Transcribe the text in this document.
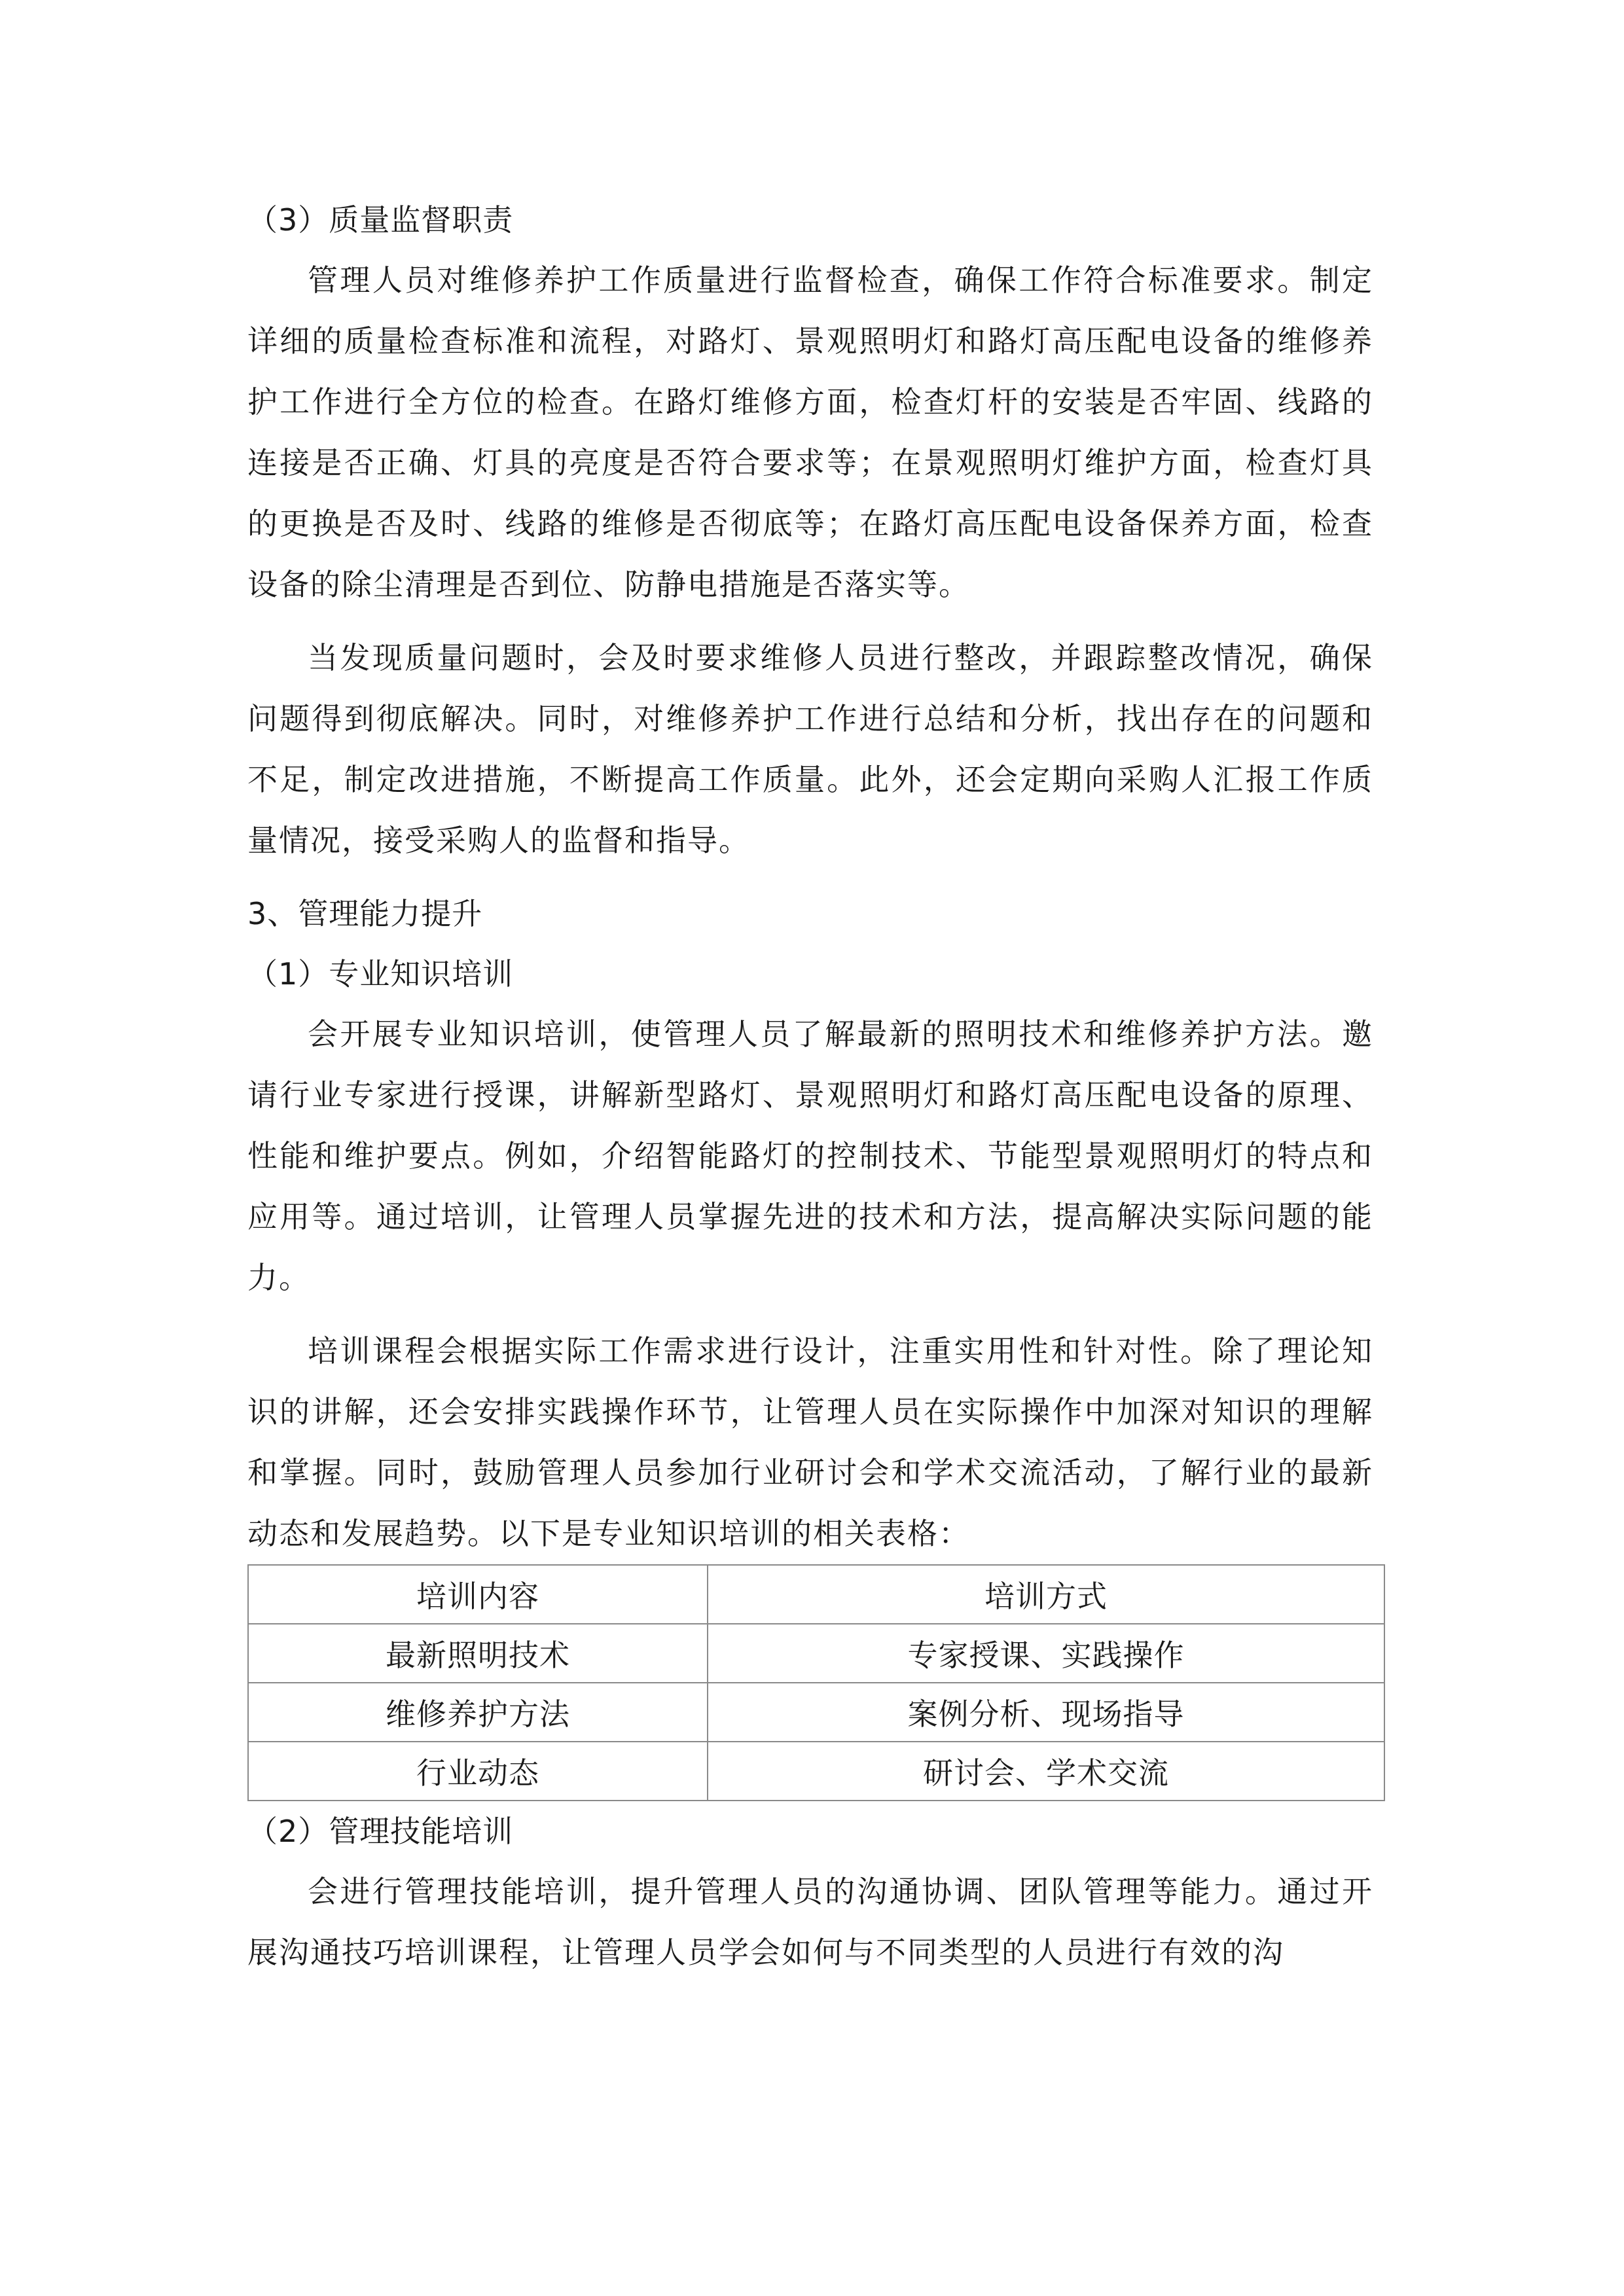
（3）质量监督职责

管理人员对维修养护工作质量进行监督检查，确保工作符合标准要求。制定详细的质量检查标准和流程，对路灯、景观照明灯和路灯高压配电设备的维修养护工作进行全方位的检查。在路灯维修方面，检查灯杆的安装是否牢固、线路的连接是否正确、灯具的亮度是否符合要求等；在景观照明灯维护方面，检查灯具的更换是否及时、线路的维修是否彻底等；在路灯高压配电设备保养方面，检查设备的除尘清理是否到位、防静电措施是否落实等。

当发现质量问题时，会及时要求维修人员进行整改，并跟踪整改情况，确保问题得到彻底解决。同时，对维修养护工作进行总结和分析，找出存在的问题和不足，制定改进措施，不断提高工作质量。此外，还会定期向采购人汇报工作质量情况，接受采购人的监督和指导。

3、管理能力提升
（1）专业知识培训

会开展专业知识培训，使管理人员了解最新的照明技术和维修养护方法。邀请行业专家进行授课，讲解新型路灯、景观照明灯和路灯高压配电设备的原理、性能和维护要点。例如，介绍智能路灯的控制技术、节能型景观照明灯的特点和应用等。通过培训，让管理人员掌握先进的技术和方法，提高解决实际问题的能力。

培训课程会根据实际工作需求进行设计，注重实用性和针对性。除了理论知识的讲解，还会安排实践操作环节，让管理人员在实际操作中加深对知识的理解和掌握。同时，鼓励管理人员参加行业研讨会和学术交流活动，了解行业的最新动态和发展趋势。以下是专业知识培训的相关表格：

培训内容	培训方式
最新照明技术	专家授课、实践操作
维修养护方法	案例分析、现场指导
行业动态	研讨会、学术交流
（2）管理技能培训

会进行管理技能培训，提升管理人员的沟通协调、团队管理等能力。通过开展沟通技巧培训课程，让管理人员学会如何与不同类型的人员进行有效的沟
